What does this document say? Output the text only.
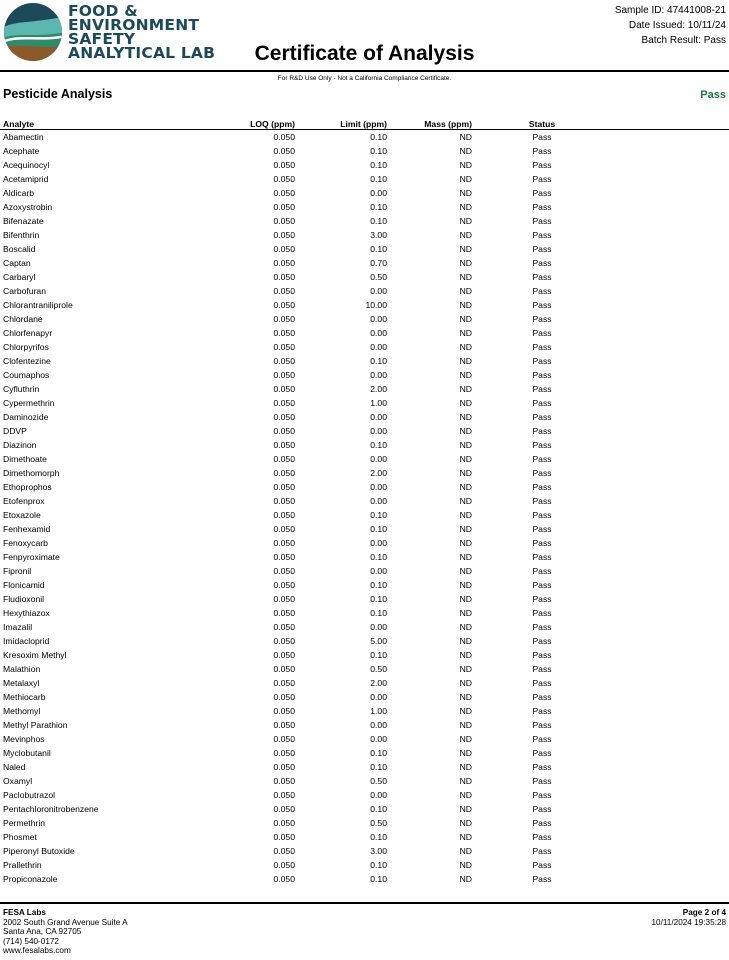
FOOD &
ENVIRONMENT
SAFETY
ANALYTICAL LAB
Sample ID: 47441008-21
Date Issued: 10/11/24
Batch Result: Pass
Certificate of Analysis
For R&D Use Only - Not a California Compliance Certificate.
Pesticide Analysis	Pass
Analyte	LOQ (ppm)	Limit (ppm)	Mass (ppm)	Status
Abamectin	0.050	0.10	ND	Pass
Acephate	0.050	0.10	ND	Pass
Acequinocyl	0.050	0.10	ND	Pass
Acetamiprid	0.050	0.10	ND	Pass
Aldicarb	0.050	0.00	ND	Pass
Azoxystrobin	0.050	0.10	ND	Pass
Bifenazate	0.050	0.10	ND	Pass
Bifenthrin	0.050	3.00	ND	Pass
Boscalid	0.050	0.10	ND	Pass
Captan	0.050	0.70	ND	Pass
Carbaryl	0.050	0.50	ND	Pass
Carbofuran	0.050	0.00	ND	Pass
Chlorantraniliprole	0.050	10.00	ND	Pass
Chlordane	0.050	0.00	ND	Pass
Chlorfenapyr	0.050	0.00	ND	Pass
Chlorpyrifos	0.050	0.00	ND	Pass
Clofentezine	0.050	0.10	ND	Pass
Coumaphos	0.050	0.00	ND	Pass
Cyfluthrin	0.050	2.00	ND	Pass
Cypermethrin	0.050	1.00	ND	Pass
Daminozide	0.050	0.00	ND	Pass
DDVP	0.050	0.00	ND	Pass
Diazinon	0.050	0.10	ND	Pass
Dimethoate	0.050	0.00	ND	Pass
Dimethomorph	0.050	2.00	ND	Pass
Ethoprophos	0.050	0.00	ND	Pass
Etofenprox	0.050	0.00	ND	Pass
Etoxazole	0.050	0.10	ND	Pass
Fenhexamid	0.050	0.10	ND	Pass
Fenoxycarb	0.050	0.00	ND	Pass
Fenpyroximate	0.050	0.10	ND	Pass
Fipronil	0.050	0.00	ND	Pass
Flonicamid	0.050	0.10	ND	Pass
Fludioxonil	0.050	0.10	ND	Pass
Hexythiazox	0.050	0.10	ND	Pass
Imazalil	0.050	0.00	ND	Pass
Imidacloprid	0.050	5.00	ND	Pass
Kresoxim Methyl	0.050	0.10	ND	Pass
Malathion	0.050	0.50	ND	Pass
Metalaxyl	0.050	2.00	ND	Pass
Methiocarb	0.050	0.00	ND	Pass
Methomyl	0.050	1.00	ND	Pass
Methyl Parathion	0.050	0.00	ND	Pass
Mevinphos	0.050	0.00	ND	Pass
Myclobutanil	0.050	0.10	ND	Pass
Naled	0.050	0.10	ND	Pass
Oxamyl	0.050	0.50	ND	Pass
Paclobutrazol	0.050	0.00	ND	Pass
Pentachloronitrobenzene	0.050	0.10	ND	Pass
Permethrin	0.050	0.50	ND	Pass
Phosmet	0.050	0.10	ND	Pass
Piperonyl Butoxide	0.050	3.00	ND	Pass
Prallethrin	0.050	0.10	ND	Pass
Propiconazole	0.050	0.10	ND	Pass
FESA Labs
2002 South Grand Avenue Suite A
Santa Ana, CA 92705
(714) 540-0172
www.fesalabs.com
Page 2 of 4
10/11/2024 19:35:28
